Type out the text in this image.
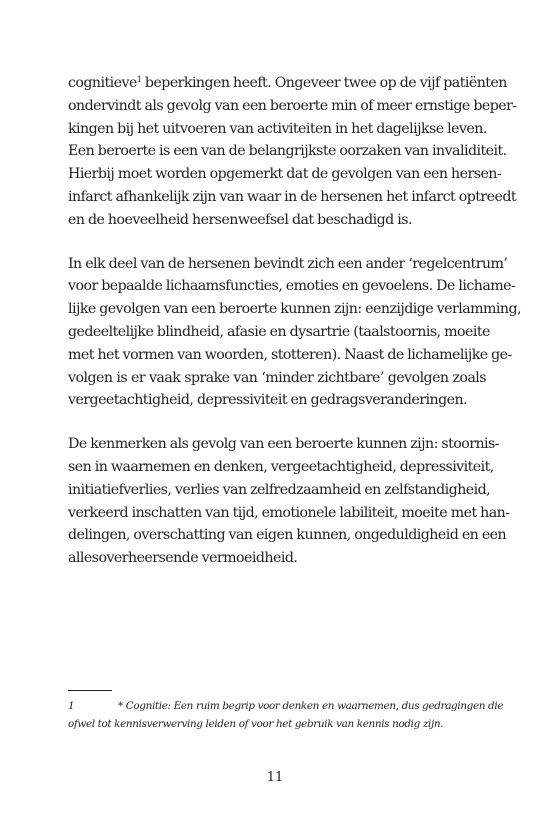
cognitieve$^1$ beperkingen heeft. Ongeveer twee op de vijf patiënten
ondervindt als gevolg van een beroerte min of meer ernstige beper-
kingen bij het uitvoeren van activiteiten in het dagelijkse leven.
Een beroerte is een van de belangrijkste oorzaken van invaliditeit.
Hierbij moet worden opgemerkt dat de gevolgen van een hersen-
infarct afhankelijk zijn van waar in de hersenen het infarct optreedt
en de hoeveelheid hersenweefsel dat beschadigd is.
In elk deel van de hersenen bevindt zich een ander ‘regelcentrum’
voor bepaalde lichaamsfuncties, emoties en gevoelens. De lichame-
lijke gevolgen van een beroerte kunnen zijn: eenzijdige verlamming,
gedeeltelijke blindheid, afasie en dysartrie (taalstoornis, moeite
met het vormen van woorden, stotteren). Naast de lichamelijke ge-
volgen is er vaak sprake van ‘minder zichtbare’ gevolgen zoals
vergeetachtigheid, depressiviteit en gedragsveranderingen.
De kenmerken als gevolg van een beroerte kunnen zijn: stoornis-
sen in waarnemen en denken, vergeetachtigheid, depressiviteit,
initiatiefverlies, verlies van zelfredzaamheid en zelfstandigheid,
verkeerd inschatten van tijd, emotionele labiliteit, moeite met han-
delingen, overschatting van eigen kunnen, ongeduldigheid en een
allesoverheersende vermoeidheid.
1	* Cognitie: Een ruim begrip voor denken en waarnemen, dus gedragingen die
ofwel tot kennisverwerving leiden of voor het gebruik van kennis nodig zijn.
11
